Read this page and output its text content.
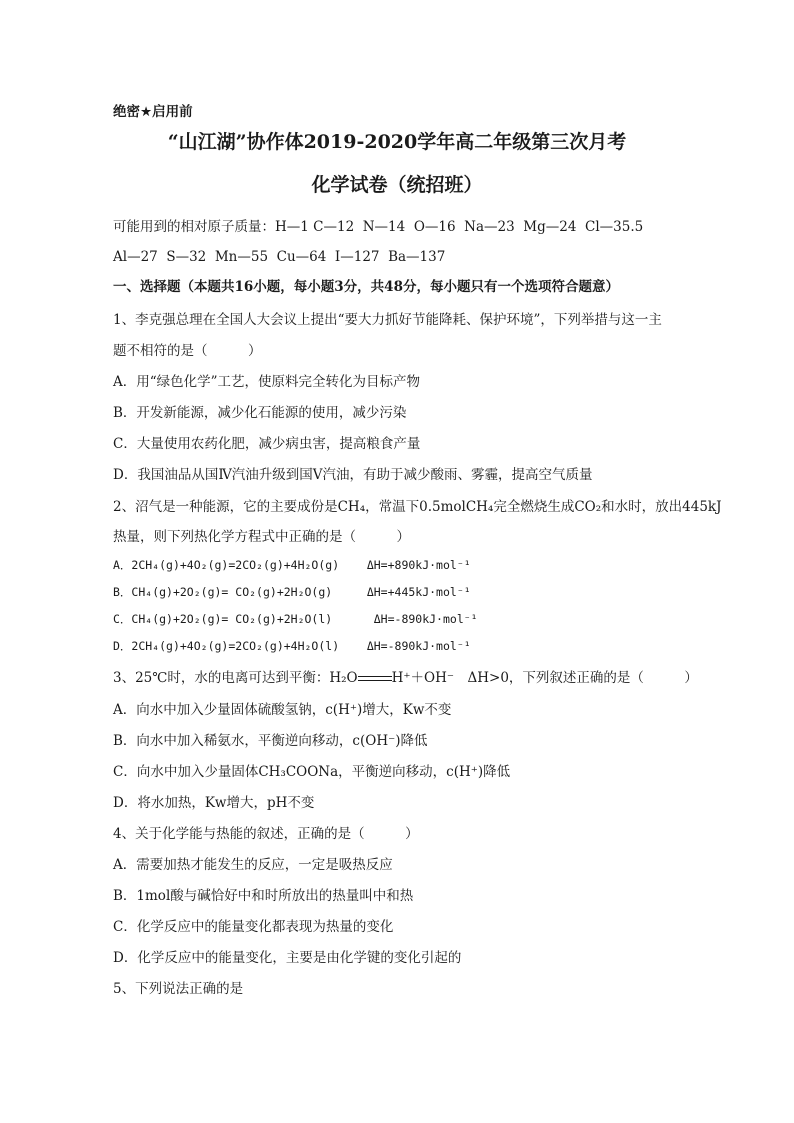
绝密★启用前
“山江湖”协作体2019-2020学年高二年级第三次月考
化学试卷（统招班）
可能用到的相对原子质量：H—1 C—12  N—14  O—16  Na—23  Mg—24  Cl—35.5
Al—27  S—32  Mn—55  Cu—64  I—127  Ba—137
一、选择题（本题共16小题，每小题3分，共48分，每小题只有一个选项符合题意）
1、李克强总理在全国人大会议上提出“要大力抓好节能降耗、保护环境”，下列举措与这一主
题不相符的是（　　　）
A．用“绿色化学”工艺，使原料完全转化为目标产物
B．开发新能源，减少化石能源的使用，减少污染
C．大量使用农药化肥，减少病虫害，提高粮食产量
D．我国油品从国Ⅳ汽油升级到国Ⅴ汽油，有助于减少酸雨、雾霾，提高空气质量
2、沼气是一种能源，它的主要成份是CH₄，常温下0.5molCH₄完全燃烧生成CO₂和水时，放出445kJ
热量，则下列热化学方程式中正确的是（　　　）
A．2CH₄(g)+4O₂(g)=2CO₂(g)+4H₂O(g)    ΔH=+890kJ·mol⁻¹
B．CH₄(g)+2O₂(g)= CO₂(g)+2H₂O(g)     ΔH=+445kJ·mol⁻¹
C．CH₄(g)+2O₂(g)= CO₂(g)+2H₂O(l)      ΔH=-890kJ·mol⁻¹
D．2CH₄(g)+4O₂(g)=2CO₂(g)+4H₂O(l)    ΔH=-890kJ·mol⁻¹
3、25℃时，水的电离可达到平衡：H₂O	H⁺＋OH⁻　ΔH>0，下列叙述正确的是（　　　）
A．向水中加入少量固体硫酸氢钠，c(H⁺)增大，Kw不变
B．向水中加入稀氨水，平衡逆向移动，c(OH⁻)降低
C．向水中加入少量固体CH₃COONa，平衡逆向移动，c(H⁺)降低
D．将水加热，Kw增大，pH不变
4、关于化学能与热能的叙述，正确的是（　　　）
A．需要加热才能发生的反应，一定是吸热反应
B．1mol酸与碱恰好中和时所放出的热量叫中和热
C．化学反应中的能量变化都表现为热量的变化
D．化学反应中的能量变化，主要是由化学键的变化引起的
5、下列说法正确的是
